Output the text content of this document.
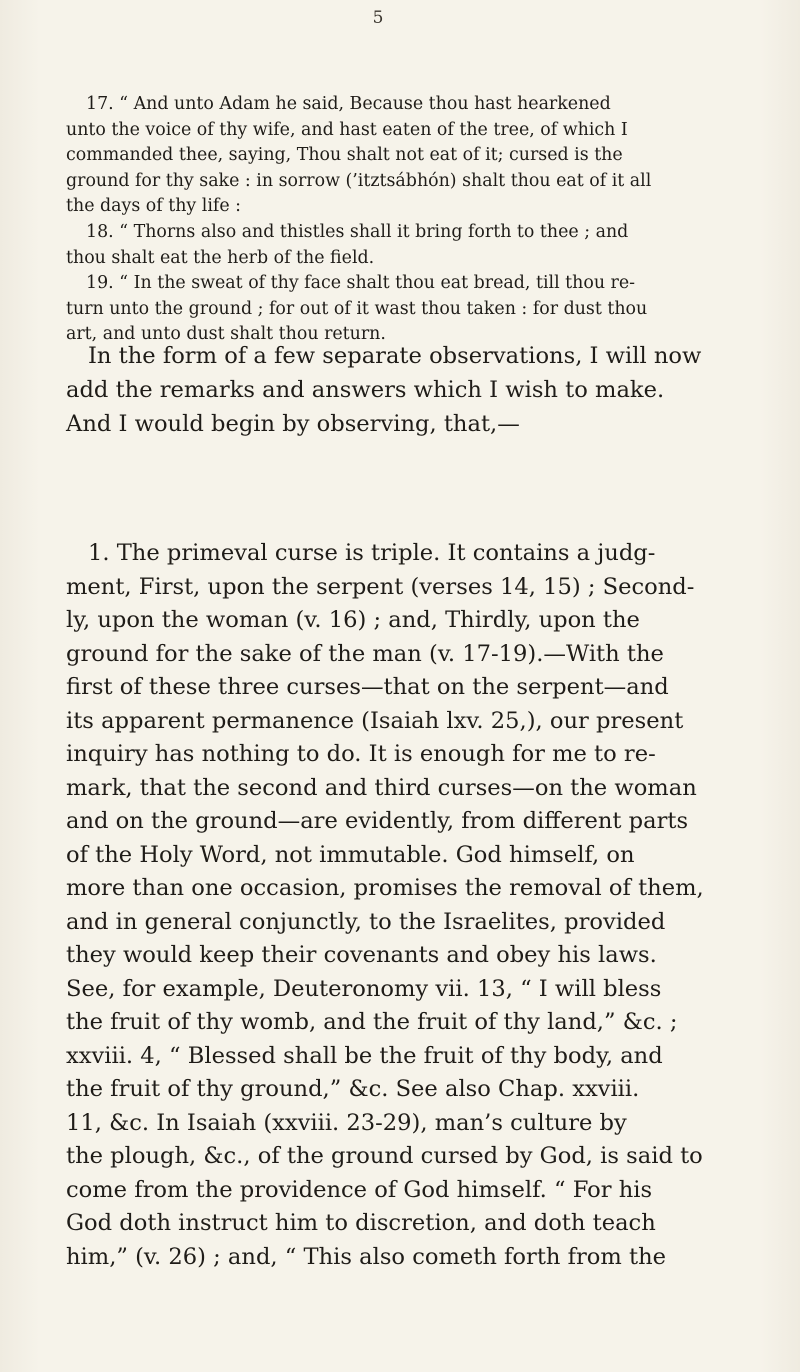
5

17. “ And unto Adam he said, Because thou hast hearkened
unto the voice of thy wife, and hast eaten of the tree, of which I
commanded thee, saying, Thou shalt not eat of it; cursed is the
ground for thy sake : in sorrow (’itztsábhón) shalt thou eat of it all
the days of thy life :

18. “ Thorns also and thistles shall it bring forth to thee ; and
thou shalt eat the herb of the field.

19. “ In the sweat of thy face shalt thou eat bread, till thou re-
turn unto the ground ; for out of it wast thou taken : for dust thou
art, and unto dust shalt thou return.

In the form of a few separate observations, I will now
add the remarks and answers which I wish to make.
And I would begin by observing, that,—

1. The primeval curse is triple. It contains a judg-
ment, First, upon the serpent (verses 14, 15) ; Second-
ly, upon the woman (v. 16) ; and, Thirdly, upon the
ground for the sake of the man (v. 17-19).—With the
first of these three curses—that on the serpent—and
its apparent permanence (Isaiah lxv. 25,), our present
inquiry has nothing to do. It is enough for me to re-
mark, that the second and third curses—on the woman
and on the ground—are evidently, from different parts
of the Holy Word, not immutable. God himself, on
more than one occasion, promises the removal of them,
and in general conjunctly, to the Israelites, provided
they would keep their covenants and obey his laws.
See, for example, Deuteronomy vii. 13, “ I will bless
the fruit of thy womb, and the fruit of thy land,” &c. ;
xxviii. 4, “ Blessed shall be the fruit of thy body, and
the fruit of thy ground,” &c. See also Chap. xxviii.
11, &c. In Isaiah (xxviii. 23-29), man’s culture by
the plough, &c., of the ground cursed by God, is said to
come from the providence of God himself. “ For his
God doth instruct him to discretion, and doth teach
him,” (v. 26) ; and, “ This also cometh forth from the
